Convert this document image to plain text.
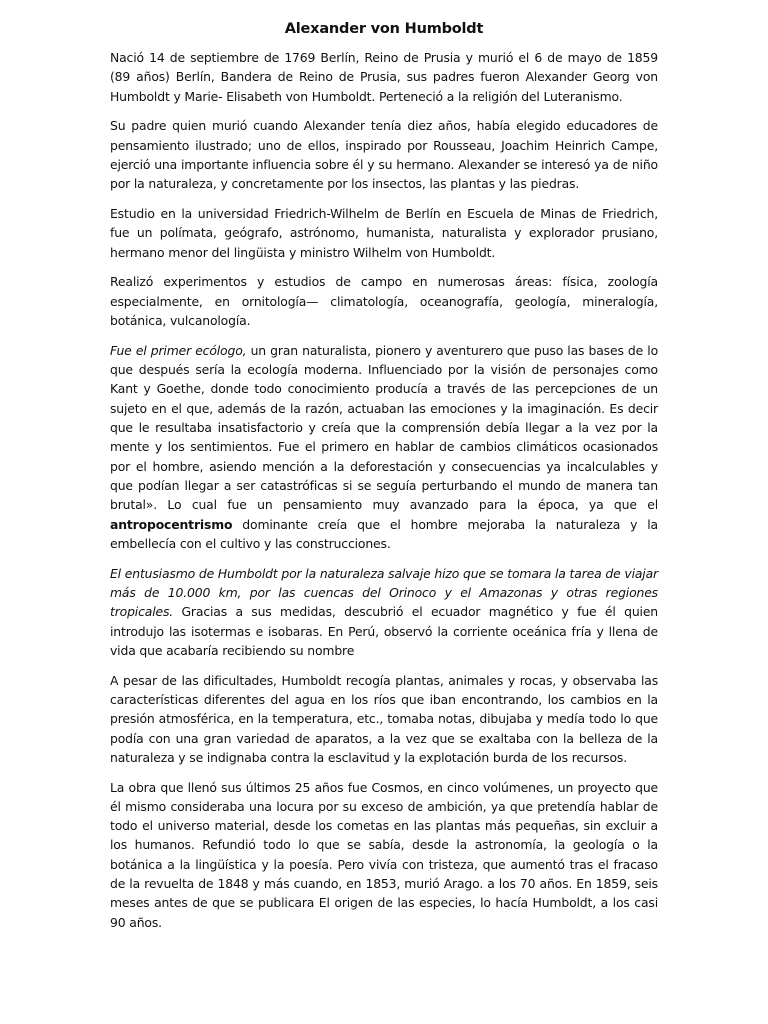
Alexander von Humboldt

Nació 14 de septiembre de 1769 Berlín, Reino de Prusia y murió el 6 de mayo de 1859 (89 años) Berlín, Bandera de Reino de Prusia, sus padres fueron Alexander Georg von Humboldt y Marie- Elisabeth von Humboldt. Perteneció a la religión del Luteranismo.

Su padre quien murió cuando Alexander tenía diez años, había elegido educadores de pensamiento ilustrado; uno de ellos, inspirado por Rousseau, Joachim Heinrich Campe, ejerció una importante influencia sobre él y su hermano. Alexander se interesó ya de niño por la naturaleza, y concretamente por los insectos, las plantas y las piedras.

Estudio en la universidad Friedrich-Wilhelm de Berlín en Escuela de Minas de Friedrich, fue un polímata, geógrafo, astrónomo, humanista, naturalista y explorador prusiano, hermano menor del lingüista y ministro Wilhelm von Humboldt.

Realizó experimentos y estudios de campo en numerosas áreas: física, zoología especialmente, en ornitología— climatología, oceanografía, geología, mineralogía, botánica, vulcanología.

Fue el primer ecólogo, un gran naturalista, pionero y aventurero que puso las bases de lo que después sería la ecología moderna. Influenciado por la visión de personajes como Kant y Goethe, donde todo conocimiento producía a través de las percepciones de un sujeto en el que, además de la razón, actuaban las emociones y la imaginación. Es decir que le resultaba insatisfactorio y creía que la comprensión debía llegar a la vez por la mente y los sentimientos. Fue el primero en hablar de cambios climáticos ocasionados por el hombre, asiendo mención a la deforestación y consecuencias ya incalculables y que podían llegar a ser catastróficas si se seguía perturbando el mundo de manera tan brutal». Lo cual fue un pensamiento muy avanzado para la época, ya que el antropocentrismo dominante creía que el hombre mejoraba la naturaleza y la embellecía con el cultivo y las construcciones.

El entusiasmo de Humboldt por la naturaleza salvaje hizo que se tomara la tarea de viajar más de 10.000 km, por las cuencas del Orinoco y el Amazonas y otras regiones tropicales. Gracias a sus medidas, descubrió el ecuador magnético y fue él quien introdujo las isotermas e isobaras. En Perú, observó la corriente oceánica fría y llena de vida que acabaría recibiendo su nombre

A pesar de las dificultades, Humboldt recogía plantas, animales y rocas, y observaba las características diferentes del agua en los ríos que iban encontrando, los cambios en la presión atmosférica, en la temperatura, etc., tomaba notas, dibujaba y medía todo lo que podía con una gran variedad de aparatos, a la vez que se exaltaba con la belleza de la naturaleza y se indignaba contra la esclavitud y la explotación burda de los recursos.

La obra que llenó sus últimos 25 años fue Cosmos, en cinco volúmenes, un proyecto que él mismo consideraba una locura por su exceso de ambición, ya que pretendía hablar de todo el universo material, desde los cometas en las plantas más pequeñas, sin excluir a los humanos. Refundió todo lo que se sabía, desde la astronomía, la geología o la botánica a la lingüística y la poesía. Pero vivía con tristeza, que aumentó tras el fracaso de la revuelta de 1848 y más cuando, en 1853, murió Arago. a los 70 años. En 1859, seis meses antes de que se publicara El origen de las especies, lo hacía Humboldt, a los casi 90 años.
